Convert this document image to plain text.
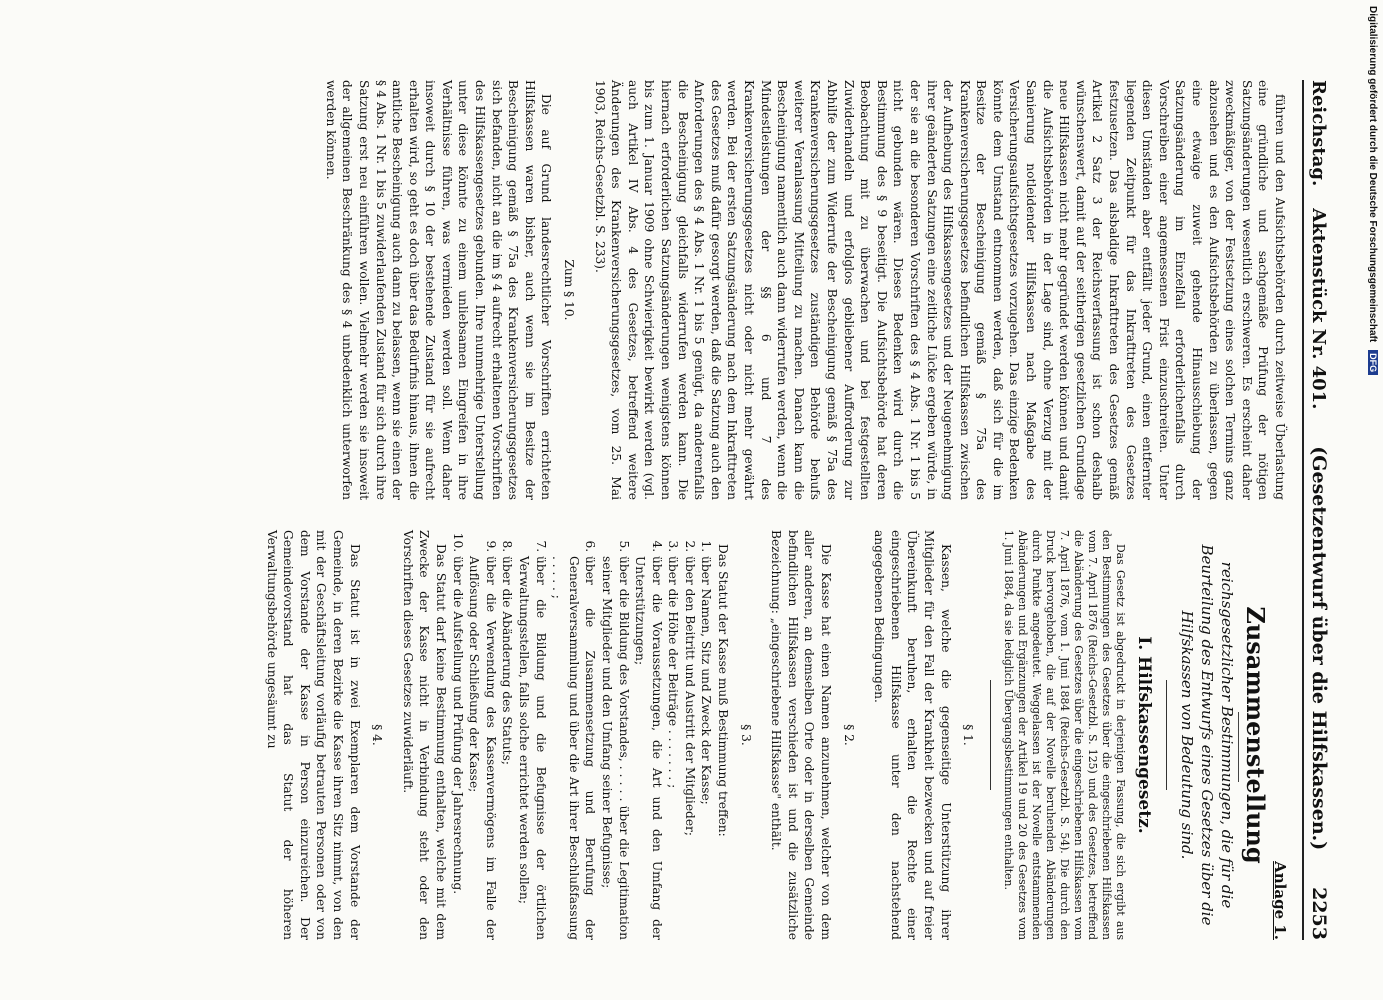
Reichstag.
Aktenstück Nr. 401.
(Gesetzentwurf über die Hilfskassen.)
2253

führen und den Aufsichtsbehörden durch zeitweise Überlastung eine gründliche und sachgemäße Prüfung der nötigen Satzungsänderungen wesentlich erschweren. Es erscheint daher zweckmäßiger, von der Festsetzung eines solchen Termins ganz abzusehen und es den Aufsichtsbehörden zu überlassen, gegen eine etwaige zuweit gehende Hinausschiebung der Satzungsänderung im Einzelfall erforderlichenfalls durch Vorschreiben einer angemessenen Frist einzuschreiten. Unter diesen Umständen aber entfällt jeder Grund, einen entfernter liegenden Zeitpunkt für das Inkrafttreten des Gesetzes festzusetzen. Das alsbaldige Inkrafttreten des Gesetzes gemäß Artikel 2 Satz 3 der Reichsverfassung ist schon deshalb wünschenswert, damit auf der seitherigen gesetzlichen Grundlage neue Hilfskassen nicht mehr gegründet werden können und damit die Aufsichtsbehörden in der Lage sind, ohne Verzug mit der Sanierung notleidender Hilfskassen nach Maßgabe des Versicherungsaufsichtsgesetzes vorzugehen. Das einzige Bedenken könnte dem Umstand entnommen werden, daß sich für die im Besitze der Bescheinigung gemäß § 75a des Krankenversicherungsgesetzes befindlichen Hilfskassen zwischen der Aufhebung des Hilfskassengesetzes und der Neugenehmigung ihrer geänderten Satzungen eine zeitliche Lücke ergeben würde, in der sie an die besonderen Vorschriften des § 4 Abs. 1 Nr. 1 bis 5 nicht gebunden wären. Dieses Bedenken wird durch die Bestimmung des § 9 beseitigt. Die Aufsichtsbehörde hat deren Beobachtung mit zu überwachen und bei festgestellten Zuwiderhandeln und erfolglos gebliebener Aufforderung zur Abhilfe der zum Widerrufe der Bescheinigung gemäß § 75a des Krankenversicherungsgesetzes zuständigen Behörde behufs weiterer Veranlassung Mitteilung zu machen. Danach kann die Bescheinigung namentlich auch dann widerrufen werden, wenn die Mindestleistungen der §§ 6 und 7 des Krankenversicherungsgesetzes nicht oder nicht mehr gewährt werden. Bei der ersten Satzungsänderung nach dem Inkrafttreten des Gesetzes muß dafür gesorgt werden, daß die Satzung auch den Anforderungen des § 4 Abs. 1 Nr. 1 bis 5 genügt, da anderenfalls die Bescheinigung gleichfalls widerrufen werden kann. Die hiernach erforderlichen Satzungsänderungen wenigstens können bis zum 1. Januar 1909 ohne Schwierigkeit bewirkt werden (vgl. auch Artikel IV Abs. 4 des Gesetzes, betreffend weitere Änderungen des Krankenversicherungsgesetzes, vom 25. Mai 1903, Reichs-Gesetzbl. S. 233).

Zum § 10.

Die auf Grund landesrechtlicher Vorschriften errichteten Hilfskassen waren bisher, auch wenn sie im Besitze der Bescheinigung gemäß § 75a des Krankenversicherungsgesetzes sich befanden, nicht an die im § 4 aufrecht erhaltenen Vorschriften des Hilfskassengesetzes gebunden. Ihre nunmehrige Unterstellung unter diese könnte zu einem unliebsamen Eingreifen in ihre Verhältnisse führen, was vermieden werden soll. Wenn daher insoweit durch § 10 der bestehende Zustand für sie aufrecht erhalten wird, so geht es doch über das Bedürfnis hinaus, ihnen die amtliche Bescheinigung auch dann zu belassen, wenn sie einen der § 4 Abs. 1 Nr. 1 bis 5 zuwiderlaufenden Zustand für sich durch ihre Satzung erst neu einführen wollen. Vielmehr werden sie insoweit der allgemeinen Beschränkung des § 4 unbedenklich unterworfen werden können.

Anlage 1.
Zusammenstellung
reichsgesetzlicher Bestimmungen, die für die Beurteilung des Entwurfs eines Gesetzes über die Hilfskassen von Bedeutung sind.
I. Hilfskassengesetz.

Das Gesetz ist abgedruckt in derjenigen Fassung, die sich ergibt aus den Bestimmungen des Gesetzes über die eingeschriebenen Hilfskassen vom 7. April 1876 (Reichs-Gesetzbl. S. 125) und des Gesetzes, betreffend die Abänderung des Gesetzes über die eingeschriebenen Hilfskassen vom 7. April 1876, vom 1. Juni 1884 (Reichs-Gesetzbl. S. 54). Die durch den Druck hervorgehoben, die auf der Novelle beruhenden Abänderungen durch Punkte angedeutet. Weggelassen ist der Novelle entstammenden Abänderungen und Ergänzungen der Artikel 19 und 20 des Gesetzes vom 1. Juni 1884, da sie lediglich Übergangsbestimmungen enthalten.

§ 1.

Kassen, welche die gegenseitige Unterstützung ihrer Mitglieder für den Fall der Krankheit bezwecken und auf freier Übereinkunft beruhen, erhalten die Rechte einer eingeschriebenen Hilfskasse unter den nachstehend angegebenen Bedingungen.

§ 2.

Die Kasse hat einen Namen anzunehmen, welcher von dem aller anderen, an demselben Orte oder in derselben Gemeinde befindlichen Hilfskassen verschieden ist und die zusätzliche Bezeichnung: „eingeschriebene Hilfskasse" enthält.

§ 3.

Das Statut der Kasse muß Bestimmung treffen:

1. über Namen, Sitz und Zweck der Kasse;
2. über den Beitritt und Austritt der Mitglieder;
3. über die Höhe der Beiträge . . . . . . . ;
4. über die Voraussetzungen, die Art und den Umfang der Unterstützungen;
5. über die Bildung des Vorstandes, . . . . . über die Legitimation seiner Mitglieder und den Umfang seiner Befugnisse;
6. über die Zusammensetzung und Berufung der Generalversammlung und über die Art ihrer Beschlußfassung . . . . . ;
7. über die Bildung und die Befugnisse der örtlichen Verwaltungsstellen, falls solche errichtet werden sollen;
8. über die Abänderung des Statuts;
9. über die Verwendung des Kassenvermögens im Falle der Auflösung oder Schließung der Kasse;
10. über die Aufstellung und Prüfung der Jahresrechnung.

Das Statut darf keine Bestimmung enthalten, welche mit dem Zwecke der Kasse nicht in Verbindung steht oder den Vorschriften dieses Gesetzes zuwiderläuft.

§ 4.

Das Statut ist in zwei Exemplaren dem Vorstande der Gemeinde, in deren Bezirke die Kasse ihren Sitz nimmt, von den mit der Geschäftsleitung vorläufig betrauten Personen oder von dem Vorstande der Kasse in Person einzureichen. Der Gemeindevorstand hat das Statut der höheren Verwaltungsbehörde ungesäumt zu

Digitalisierung gefördert durch die Deutsche Forschungsgemeinschaft
DFG
